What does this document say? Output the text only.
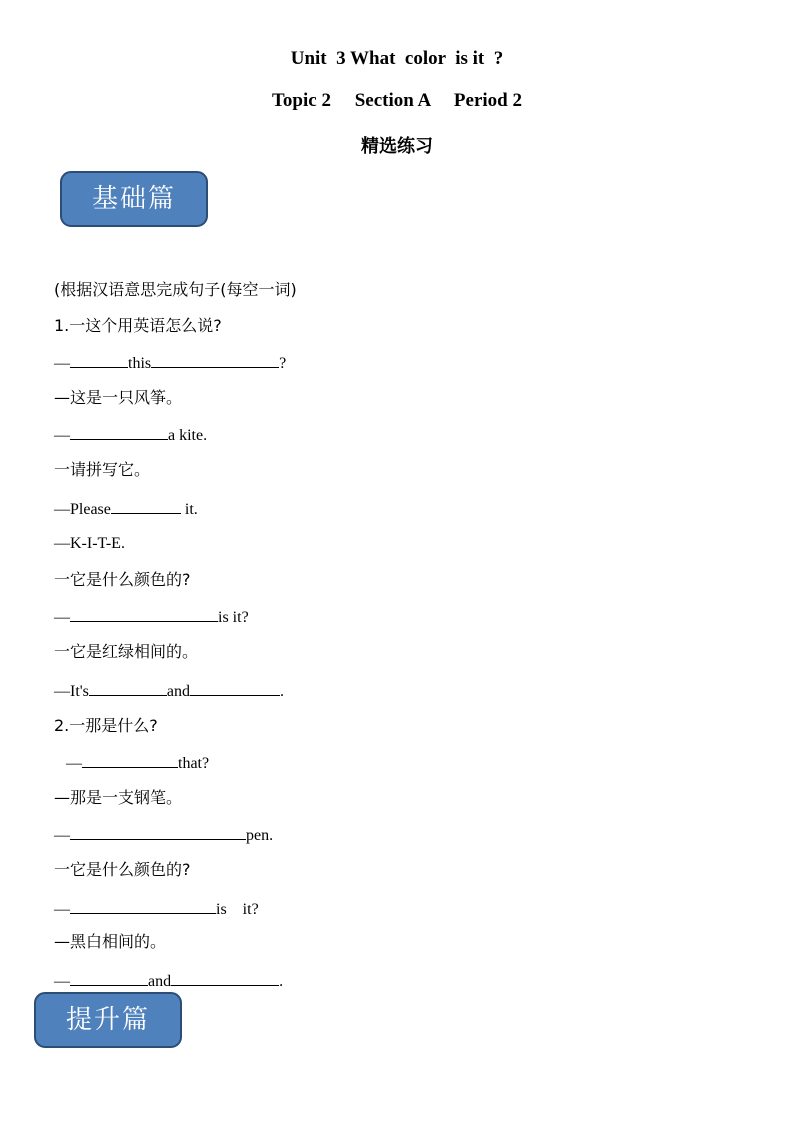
Unit  3 What  color  is it  ?
Topic 2     Section A     Period 2
精选练习
基础篇

(根据汉语意思完成句子(每空一词)

1.一这个用英语怎么说?

—	this	?

—这是一只风筝。

—	a kite.

一请拼写它。

—Please	it.

—K-I-T-E.

一它是什么颜色的?

—	is it?

一它是红绿相间的。

—It's	and	.

2.一那是什么?

—	that?

—那是一支钢笔。

—	pen.

一它是什么颜色的?

—	is    it?

—黑白相间的。

—	and	.

提升篇
